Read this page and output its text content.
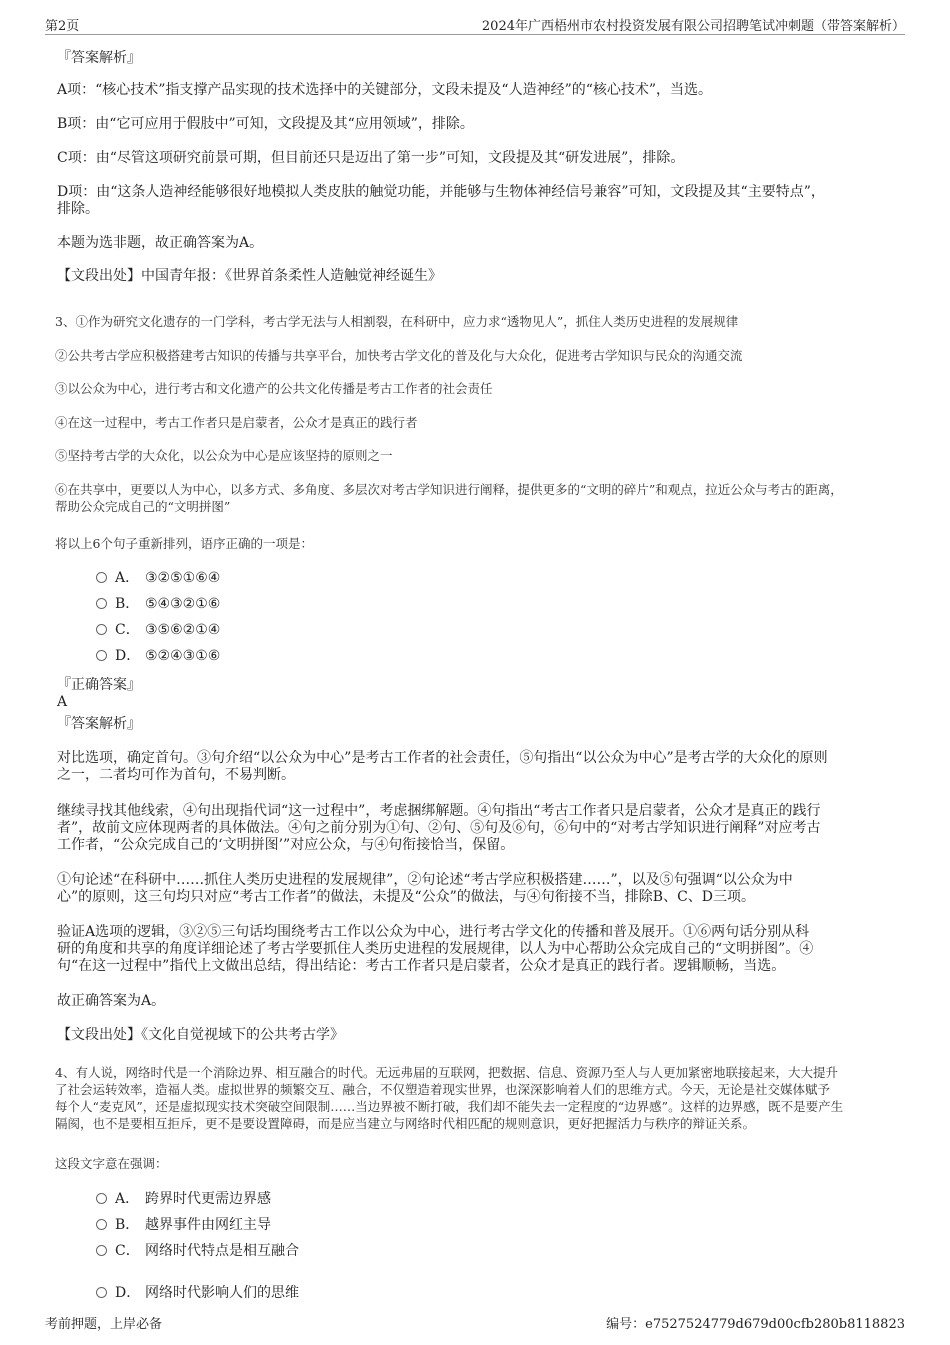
第2页	2024年广西梧州市农村投资发展有限公司招聘笔试冲刺题（带答案解析）
『答案解析』
A项：“核心技术”指支撑产品实现的技术选择中的关键部分，文段未提及“人造神经”的“核心技术”，当选。
B项：由“它可应用于假肢中”可知，文段提及其“应用领域”，排除。
C项：由“尽管这项研究前景可期，但目前还只是迈出了第一步”可知，文段提及其“研发进展”，排除。
D项：由“这条人造神经能够很好地模拟人类皮肤的触觉功能，并能够与生物体神经信号兼容”可知，文段提及其“主要特点”，
排除。
本题为选非题，故正确答案为A。
【文段出处】中国青年报：《世界首条柔性人造触觉神经诞生》
3、①作为研究文化遗存的一门学科，考古学无法与人相割裂，在科研中，应力求“透物见人”，抓住人类历史进程的发展规律
②公共考古学应积极搭建考古知识的传播与共享平台，加快考古学文化的普及化与大众化，促进考古学知识与民众的沟通交流
③以公众为中心，进行考古和文化遗产的公共文化传播是考古工作者的社会责任
④在这一过程中，考古工作者只是启蒙者，公众才是真正的践行者
⑤坚持考古学的大众化，以公众为中心是应该坚持的原则之一
⑥在共享中，更要以人为中心，以多方式、多角度、多层次对考古学知识进行阐释，提供更多的“文明的碎片”和观点，拉近公众与考古的距离，
帮助公众完成自己的“文明拼图”
将以上6个句子重新排列，语序正确的一项是：
A． ③②⑤①⑥④
B． ⑤④③②①⑥
C． ③⑤⑥②①④
D． ⑤②④③①⑥
『正确答案』
A
『答案解析』
对比选项，确定首句。③句介绍“以公众为中心”是考古工作者的社会责任，⑤句指出“以公众为中心”是考古学的大众化的原则
之一，二者均可作为首句，不易判断。
继续寻找其他线索，④句出现指代词“这一过程中”，考虑捆绑解题。④句指出“考古工作者只是启蒙者，公众才是真正的践行
者”，故前文应体现两者的具体做法。④句之前分别为①句、②句、⑤句及⑥句，⑥句中的“对考古学知识进行阐释”对应考古
工作者，“公众完成自己的‘文明拼图’”对应公众，与④句衔接恰当，保留。
①句论述“在科研中……抓住人类历史进程的发展规律”，②句论述“考古学应积极搭建……”，以及⑤句强调“以公众为中
心”的原则，这三句均只对应“考古工作者”的做法，未提及“公众”的做法，与④句衔接不当，排除B、C、D三项。
验证A选项的逻辑，③②⑤三句话均围绕考古工作以公众为中心，进行考古学文化的传播和普及展开。①⑥两句话分别从科
研的角度和共享的角度详细论述了考古学要抓住人类历史进程的发展规律，以人为中心帮助公众完成自己的“文明拼图”。④
句“在这一过程中”指代上文做出总结，得出结论：考古工作者只是启蒙者，公众才是真正的践行者。逻辑顺畅，当选。
故正确答案为A。
【文段出处】《文化自觉视域下的公共考古学》
4、有人说，网络时代是一个消除边界、相互融合的时代。无远弗届的互联网，把数据、信息、资源乃至人与人更加紧密地联接起来，大大提升
了社会运转效率，造福人类。虚拟世界的频繁交互、融合，不仅塑造着现实世界，也深深影响着人们的思维方式。今天，无论是社交媒体赋予
每个人“麦克风”，还是虚拟现实技术突破空间限制……当边界被不断打破，我们却不能失去一定程度的“边界感”。这样的边界感，既不是要产生
隔阂，也不是要相互拒斥，更不是要设置障碍，而是应当建立与网络时代相匹配的规则意识，更好把握活力与秩序的辩证关系。
这段文字意在强调：
A． 跨界时代更需边界感
B． 越界事件由网红主导
C． 网络时代特点是相互融合
D． 网络时代影响人们的思维
考前押题，上岸必备	编号：e7527524779d679d00cfb280b8118823
